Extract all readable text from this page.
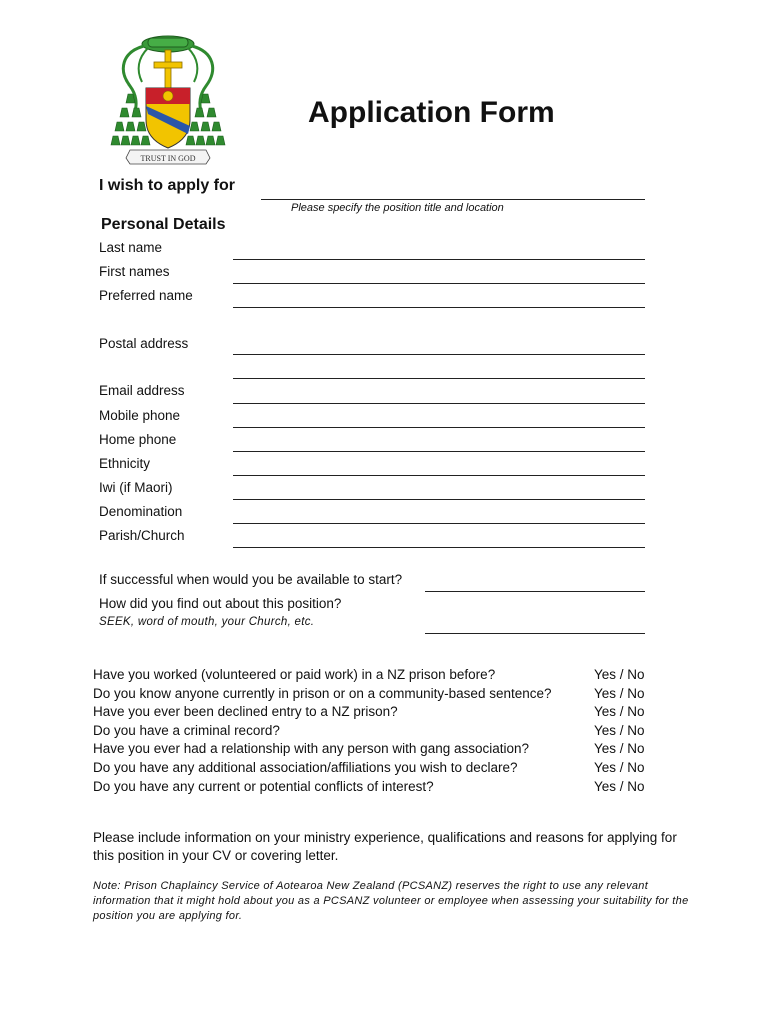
TRUST IN GOD
Application Form
I wish to apply for
Please specify the position title and location
Personal Details
Last name
First names
Preferred name
Postal address
Email address
Mobile phone
Home phone
Ethnicity
Iwi (if Maori)
Denomination
Parish/Church
If successful when would you be available to start?
How did you find out about this position?
SEEK, word of mouth, your Church, etc.
Have you worked (volunteered or paid work) in a NZ prison before?	Yes / No
Do you know anyone currently in prison or on a community-based sentence?	Yes / No
Have you ever been declined entry to a NZ prison?	Yes / No
Do you have a criminal record?	Yes / No
Have you ever had a relationship with any person with gang association?	Yes / No
Do you have any additional association/affiliations you wish to declare?	Yes / No
Do you have any current or potential conflicts of interest?	Yes / No
Please include information on your ministry experience, qualifications and reasons for applying for this position in your CV or covering letter.
Note: Prison Chaplaincy Service of Aotearoa New Zealand (PCSANZ) reserves the right to use any relevant information that it might hold about you as a PCSANZ volunteer or employee when assessing your suitability for the position you are applying for.
